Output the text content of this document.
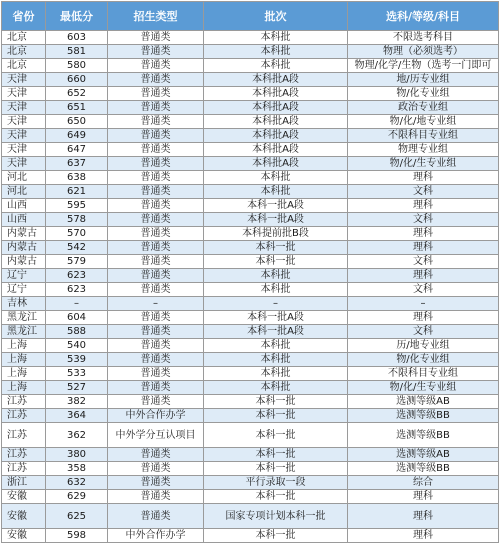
省份	最低分	招生类型	批次	选科/等级/科目
北京	603	普通类	本科批	不限选考科目
北京	581	普通类	本科批	物理（必须选考）
北京	580	普通类	本科批	物理/化学/生物（选考一门即可
天津	660	普通类	本科批A段	地/历专业组
天津	652	普通类	本科批A段	物/化专业组
天津	651	普通类	本科批A段	政治专业组
天津	650	普通类	本科批A段	物/化/地专业组
天津	649	普通类	本科批A段	不限科目专业组
天津	647	普通类	本科批A段	物理专业组
天津	637	普通类	本科批A段	物/化/生专业组
河北	638	普通类	本科批	理科
河北	621	普通类	本科批	文科
山西	595	普通类	本科一批A段	理科
山西	578	普通类	本科一批A段	文科
内蒙古	570	普通类	本科提前批B段	理科
内蒙古	542	普通类	本科一批	理科
内蒙古	579	普通类	本科一批	文科
辽宁	623	普通类	本科批	理科
辽宁	623	普通类	本科批	文科
吉林	–	–	–	–
黑龙江	604	普通类	本科一批A段	理科
黑龙江	588	普通类	本科一批A段	文科
上海	540	普通类	本科批	历/地专业组
上海	539	普通类	本科批	物/化专业组
上海	533	普通类	本科批	不限科目专业组
上海	527	普通类	本科批	物/化/生专业组
江苏	382	普通类	本科一批	选测等级AB
江苏	364	中外合作办学	本科一批	选测等级BB
江苏	362	中外学分互认项目	本科一批	选测等级BB
江苏	380	普通类	本科一批	选测等级AB
江苏	358	普通类	本科一批	选测等级BB
浙江	632	普通类	平行录取一段	综合
安徽	629	普通类	本科一批	理科
安徽	625	普通类	国家专项计划本科一批	理科
安徽	598	中外合作办学	本科一批	理科
